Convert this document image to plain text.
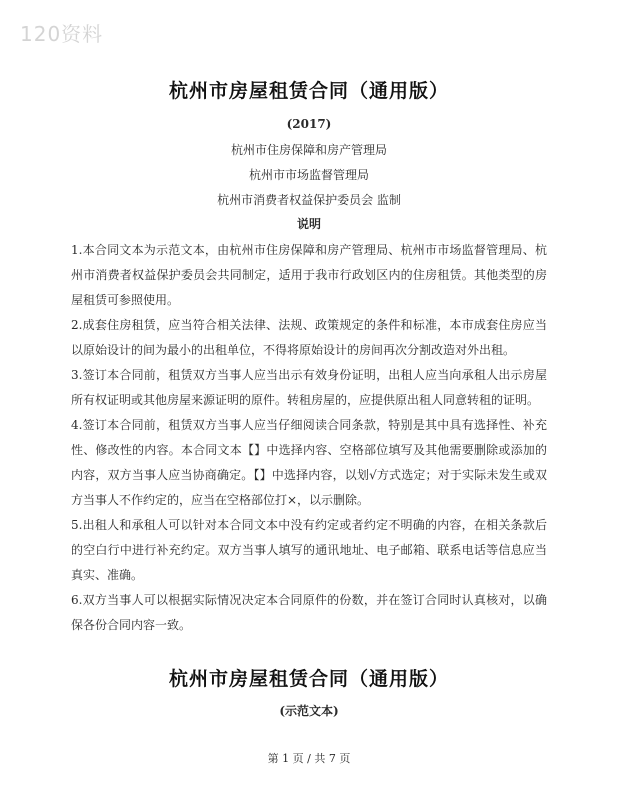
120资料
杭州市房屋租赁合同（通用版）
(2017)
杭州市住房保障和房产管理局
杭州市市场监督管理局
杭州市消费者权益保护委员会 监制
说明

1.本合同文本为示范文本，由杭州市住房保障和房产管理局、杭州市市场监督管理局、杭州市消费者权益保护委员会共同制定，适用于我市行政划区内的住房租赁。其他类型的房屋租赁可参照使用。

2.成套住房租赁，应当符合相关法律、法规、政策规定的条件和标准，本市成套住房应当以原始设计的间为最小的出租单位，不得将原始设计的房间再次分割改造对外出租。

3.签订本合同前，租赁双方当事人应当出示有效身份证明，出租人应当向承租人出示房屋所有权证明或其他房屋来源证明的原件。转租房屋的，应提供原出租人同意转租的证明。

4.签订本合同前，租赁双方当事人应当仔细阅读合同条款，特别是其中具有选择性、补充性、修改性的内容。本合同文本【】中选择内容、空格部位填写及其他需要删除或添加的内容，双方当事人应当协商确定。【】中选择内容，以划√方式选定；对于实际未发生或双方当事人不作约定的，应当在空格部位打×，以示删除。

5.出租人和承租人可以针对本合同文本中没有约定或者约定不明确的内容，在相关条款后的空白行中进行补充约定。双方当事人填写的通讯地址、电子邮箱、联系电话等信息应当真实、准确。

6.双方当事人可以根据实际情况决定本合同原件的份数，并在签订合同时认真核对，以确保各份合同内容一致。

杭州市房屋租赁合同（通用版）
(示范文本)
第 1 页 / 共 7 页
